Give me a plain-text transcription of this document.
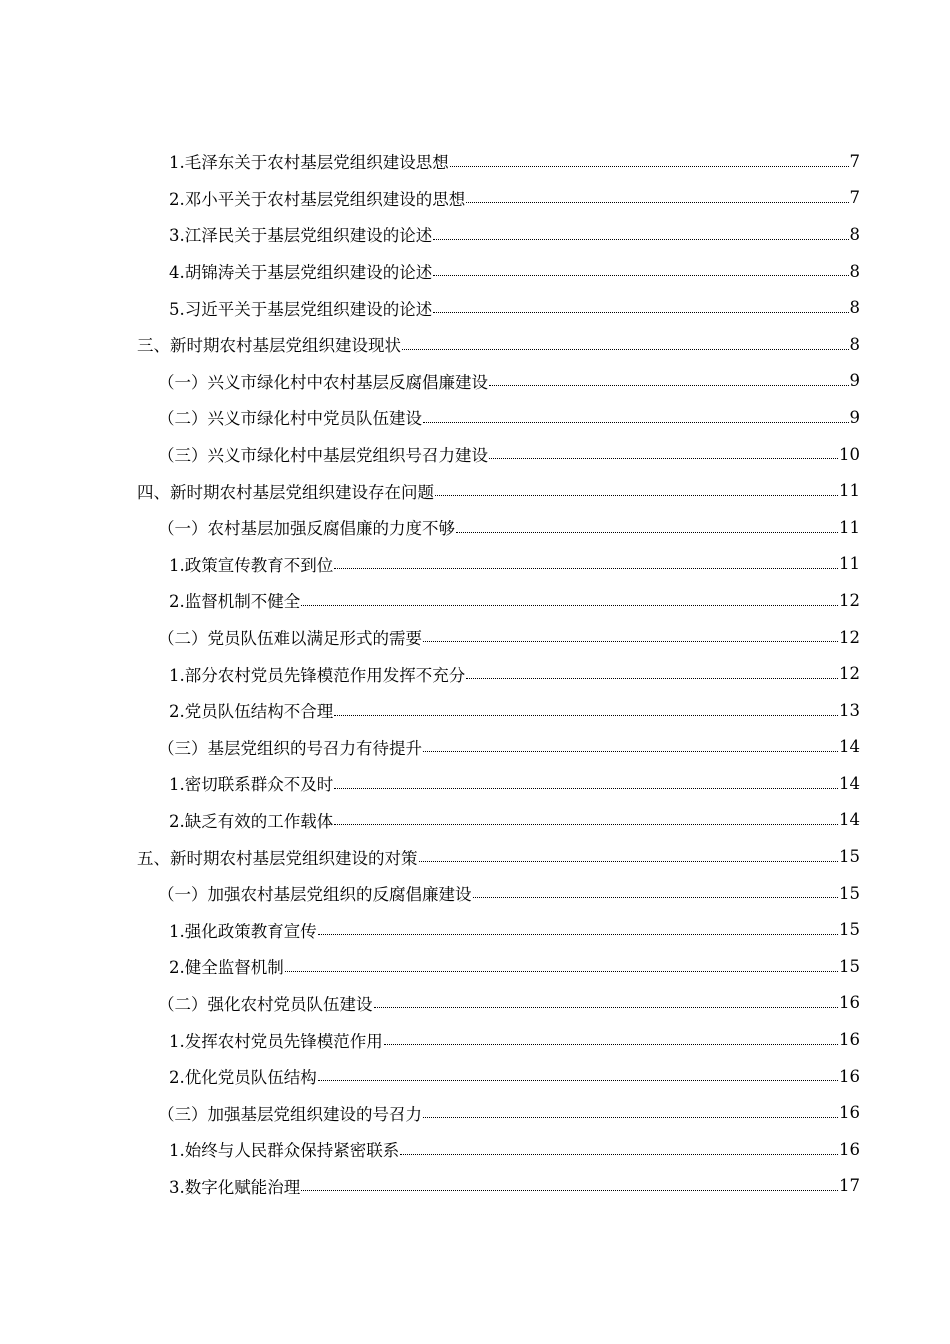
1.毛泽东关于农村基层党组织建设思想	7
2.邓小平关于农村基层党组织建设的思想	7
3.江泽民关于基层党组织建设的论述	8
4.胡锦涛关于基层党组织建设的论述	8
5.习近平关于基层党组织建设的论述	8
三、新时期农村基层党组织建设现状	8
（一）兴义市绿化村中农村基层反腐倡廉建设	9
（二）兴义市绿化村中党员队伍建设	9
（三）兴义市绿化村中基层党组织号召力建设	10
四、新时期农村基层党组织建设存在问题	11
（一）农村基层加强反腐倡廉的力度不够	11
1.政策宣传教育不到位	11
2.监督机制不健全	12
（二）党员队伍难以满足形式的需要	12
1.部分农村党员先锋模范作用发挥不充分	12
2.党员队伍结构不合理	13
（三）基层党组织的号召力有待提升	14
1.密切联系群众不及时	14
2.缺乏有效的工作载体	14
五、新时期农村基层党组织建设的对策	15
（一）加强农村基层党组织的反腐倡廉建设	15
1.强化政策教育宣传	15
2.健全监督机制	15
（二）强化农村党员队伍建设	16
1.发挥农村党员先锋模范作用	16
2.优化党员队伍结构	16
（三）加强基层党组织建设的号召力	16
1.始终与人民群众保持紧密联系	16
3.数字化赋能治理	17
